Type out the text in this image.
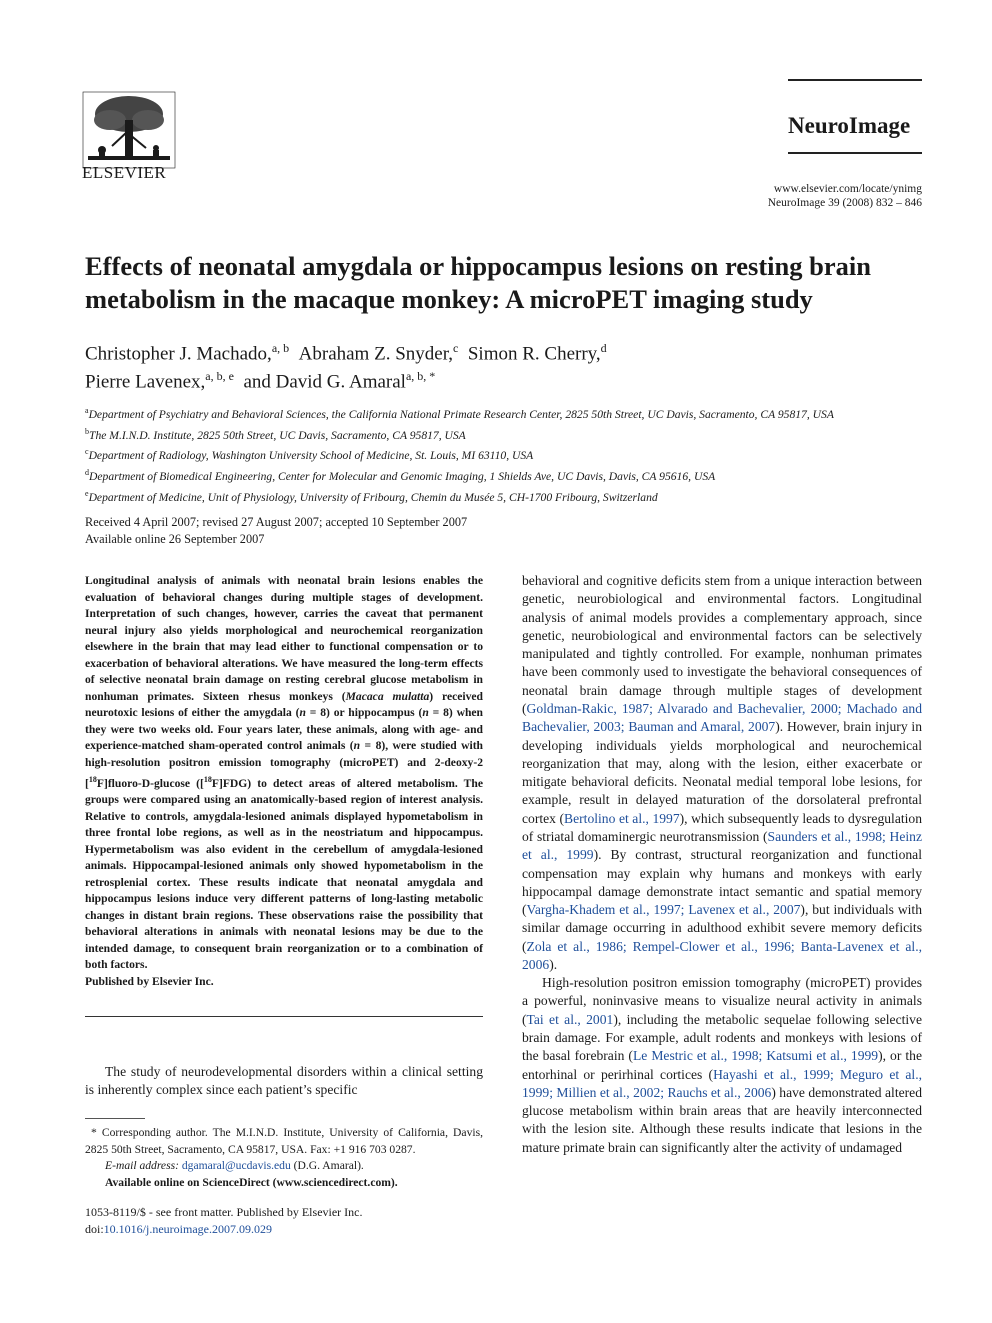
ELSEVIER
NeuroImage
www.elsevier.com/locate/ynimg
NeuroImage 39 (2008) 832 – 846
Effects of neonatal amygdala or hippocampus lesions on resting brain metabolism in the macaque monkey: A microPET imaging study
Christopher J. Machado,$^{a, b}$ Abraham Z. Snyder,$^c$ Simon R. Cherry,$^d$
Pierre Lavenex,$^{a, b, e}$ and David G. Amaral$^{a, b, *}$
$^a$Department of Psychiatry and Behavioral Sciences, the California National Primate Research Center, 2825 50th Street, UC Davis, Sacramento, CA 95817, USA
$^b$The M.I.N.D. Institute, 2825 50th Street, UC Davis, Sacramento, CA 95817, USA
$^c$Department of Radiology, Washington University School of Medicine, St. Louis, MI 63110, USA
$^d$Department of Biomedical Engineering, Center for Molecular and Genomic Imaging, 1 Shields Ave, UC Davis, Davis, CA 95616, USA
$^e$Department of Medicine, Unit of Physiology, University of Fribourg, Chemin du Musée 5, CH-1700 Fribourg, Switzerland
Received 4 April 2007; revised 27 August 2007; accepted 10 September 2007
Available online 26 September 2007
Longitudinal analysis of animals with neonatal brain lesions enables the evaluation of behavioral changes during multiple stages of development. Interpretation of such changes, however, carries the caveat that permanent neural injury also yields morphological and neurochemical reorganization elsewhere in the brain that may lead either to functional compensation or to exacerbation of behavioral alterations. We have measured the long-term effects of selective neonatal brain damage on resting cerebral glucose metabolism in nonhuman primates. Sixteen rhesus monkeys (Macaca mulatta) received neurotoxic lesions of either the amygdala (n = 8) or hippocampus (n = 8) when they were two weeks old. Four years later, these animals, along with age- and experience-matched sham-operated control animals (n = 8), were studied with high-resolution positron emission tomography (microPET) and 2-deoxy-2 [$^{18}$F]fluoro-D-glucose ([$^{18}$F]FDG) to detect areas of altered metabolism. The groups were compared using an anatomically-based region of interest analysis. Relative to controls, amygdala-lesioned animals displayed hypometabolism in three frontal lobe regions, as well as in the neostriatum and hippocampus. Hypermetabolism was also evident in the cerebellum of amygdala-lesioned animals. Hippocampal-lesioned animals only showed hypometabolism in the retrosplenial cortex. These results indicate that neonatal amygdala and hippocampus lesions induce very different patterns of long-lasting metabolic changes in distant brain regions. These observations raise the possibility that behavioral alterations in animals with neonatal lesions may be due to the intended damage, to consequent brain reorganization or to a combination of both factors.
Published by Elsevier Inc.
The study of neurodevelopmental disorders within a clinical setting is inherently complex since each patient’s specific
* Corresponding author. The M.I.N.D. Institute, University of California, Davis, 2825 50th Street, Sacramento, CA 95817, USA. Fax: +1 916 703 0287.
E-mail address: dgamaral@ucdavis.edu (D.G. Amaral).
Available online on ScienceDirect (www.sciencedirect.com).
1053-8119/$ - see front matter. Published by Elsevier Inc.
doi:10.1016/j.neuroimage.2007.09.029

behavioral and cognitive deficits stem from a unique interaction between genetic, neurobiological and environmental factors. Longitudinal analysis of animal models provides a complementary approach, since genetic, neurobiological and environmental factors can be selectively manipulated and tightly controlled. For example, nonhuman primates have been commonly used to investigate the behavioral consequences of neonatal brain damage through multiple stages of development (Goldman-Rakic, 1987; Alvarado and Bachevalier, 2000; Machado and Bachevalier, 2003; Bauman and Amaral, 2007). However, brain injury in developing individuals yields morphological and neurochemical reorganization that may, along with the lesion, either exacerbate or mitigate behavioral deficits. Neonatal medial temporal lobe lesions, for example, result in delayed maturation of the dorsolateral prefrontal cortex (Bertolino et al., 1997), which subsequently leads to dysregulation of striatal domaminergic neurotransmission (Saunders et al., 1998; Heinz et al., 1999). By contrast, structural reorganization and functional compensation may explain why humans and monkeys with early hippocampal damage demonstrate intact semantic and spatial memory (Vargha-Khadem et al., 1997; Lavenex et al., 2007), but individuals with similar damage occurring in adulthood exhibit severe memory deficits (Zola et al., 1986; Rempel-Clower et al., 1996; Banta-Lavenex et al., 2006).

High-resolution positron emission tomography (microPET) provides a powerful, noninvasive means to visualize neural activity in animals (Tai et al., 2001), including the metabolic sequelae following selective brain damage. For example, adult rodents and monkeys with lesions of the basal forebrain (Le Mestric et al., 1998; Katsumi et al., 1999), or the entorhinal or perirhinal cortices (Hayashi et al., 1999; Meguro et al., 1999; Millien et al., 2002; Rauchs et al., 2006) have demonstrated altered glucose metabolism within brain areas that are heavily interconnected with the lesion site. Although these results indicate that lesions in the mature primate brain can significantly alter the activity of undamaged
